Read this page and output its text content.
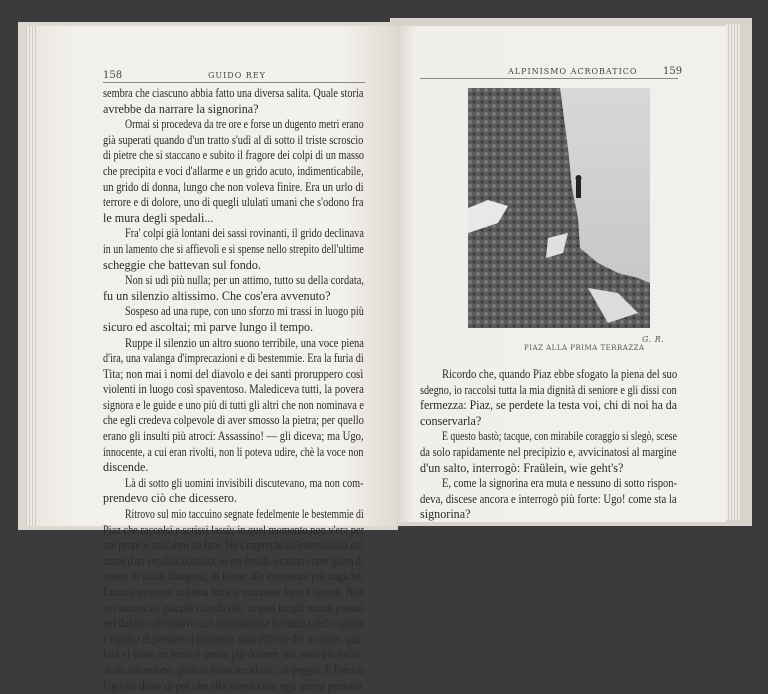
158	GUIDO REY	ALPINISMO ACROBATICO	159
sembra che ciascuno abbia fatto una diversa salita. Quale storia
avrebbe da narrare la signorina?
Ormai si procedeva da tre ore e forse un dugento metri erano
già superati quando d'un tratto s'udì al di sotto il triste scroscio
di pietre che si staccano e subito il fragore dei colpi di un masso
che precipita e voci d'allarme e un grido acuto, indimenticabile,
un grido di donna, lungo che non voleva finire. Era un urlo di
terrore e di dolore, uno di quegli ululati umani che s'odono fra
le mura degli spedali...
Fra' colpi già lontani dei sassi rovinanti, il grido declinava
in un lamento che si affievolì e si spense nello strepito dell'ultime
scheggie che battevan sul fondo.
Non si udì più nulla; per un attimo, tutto su della cordata,
fu un silenzio altissimo. Che cos'era avvenuto?
Sospeso ad una rupe, con uno sforzo mi trassi in luogo più
sicuro ed ascoltai; mi parve lungo il tempo.
Ruppe il silenzio un altro suono terribile, una voce piena
d'ira, una valanga d'imprecazioni e di bestemmie. Era la furia di
Tita; non mai i nomi del diavolo e dei santi proruppero così
violenti in luogo così spaventoso. Malediceva tutti, la povera
signora e le guide e uno più di tutti gli altri che non nominava e
che egli credeva colpevole di aver smosso la pietra; per quello
erano gli insulti più atroci: Assassino! — gli diceva; ma Ugo,
innocente, a cui eran rivolti, non li poteva udire, chè la voce non
discende.
Là di sotto gli uomini invisibili discutevano, ma non com-
prendevo ciò che dicessero.
Ritrovo sul mio taccuino segnate fedelmente le bestemmie di
Piaz che raccolsi e scrissi lassù; in quel momento non v'era per
me proprio null'altro da fare. Nè s'imprechi all'insensibilità del
cuore d'un vecchio alpinista; io era freddo e calmo come giova di
essere in simili frangenti; di fronte alle evenienze più tragiche,
l'animo sorpreso in piena lotta si mantiene forte e sereno. Non
ero inconscio, giacchè ricordo che, in quei lunghi minuti passati
nel dubbio, affrontavo con straordinaria lucidezza dello spirito
e rapidità di pensiero il problema assai difficile del soccorso, qua-
lora vi fosse un ferito e quello più dolente, ma assai più facile,
di un abbandono, qualora fosse accaduto... di peggio. E l'amico
Ugo mi disse di poi che alle stesse cose egli aveva pensato.
G. R.
PIAZ ALLA PRIMA TERRAZZA
Ricordo che, quando Piaz ebbe sfogato la piena del suo
sdegno, io raccolsi tutta la mia dignità di seniore e gli dissi con
fermezza: Piaz, se perdete la testa voi, chi di noi ha da
conservarla?
E questo bastò; tacque, con mirabile coraggio si slegò, scese
da solo rapidamente nel precipizio e, avvicinatosi al margine
d'un salto, interrogò: Fraülein, wie geht's?
E, come la signorina era muta e nessuno di sotto rispon-
deva, discese ancora e interrogò più forte: Ugo! come sta la
signorina?
